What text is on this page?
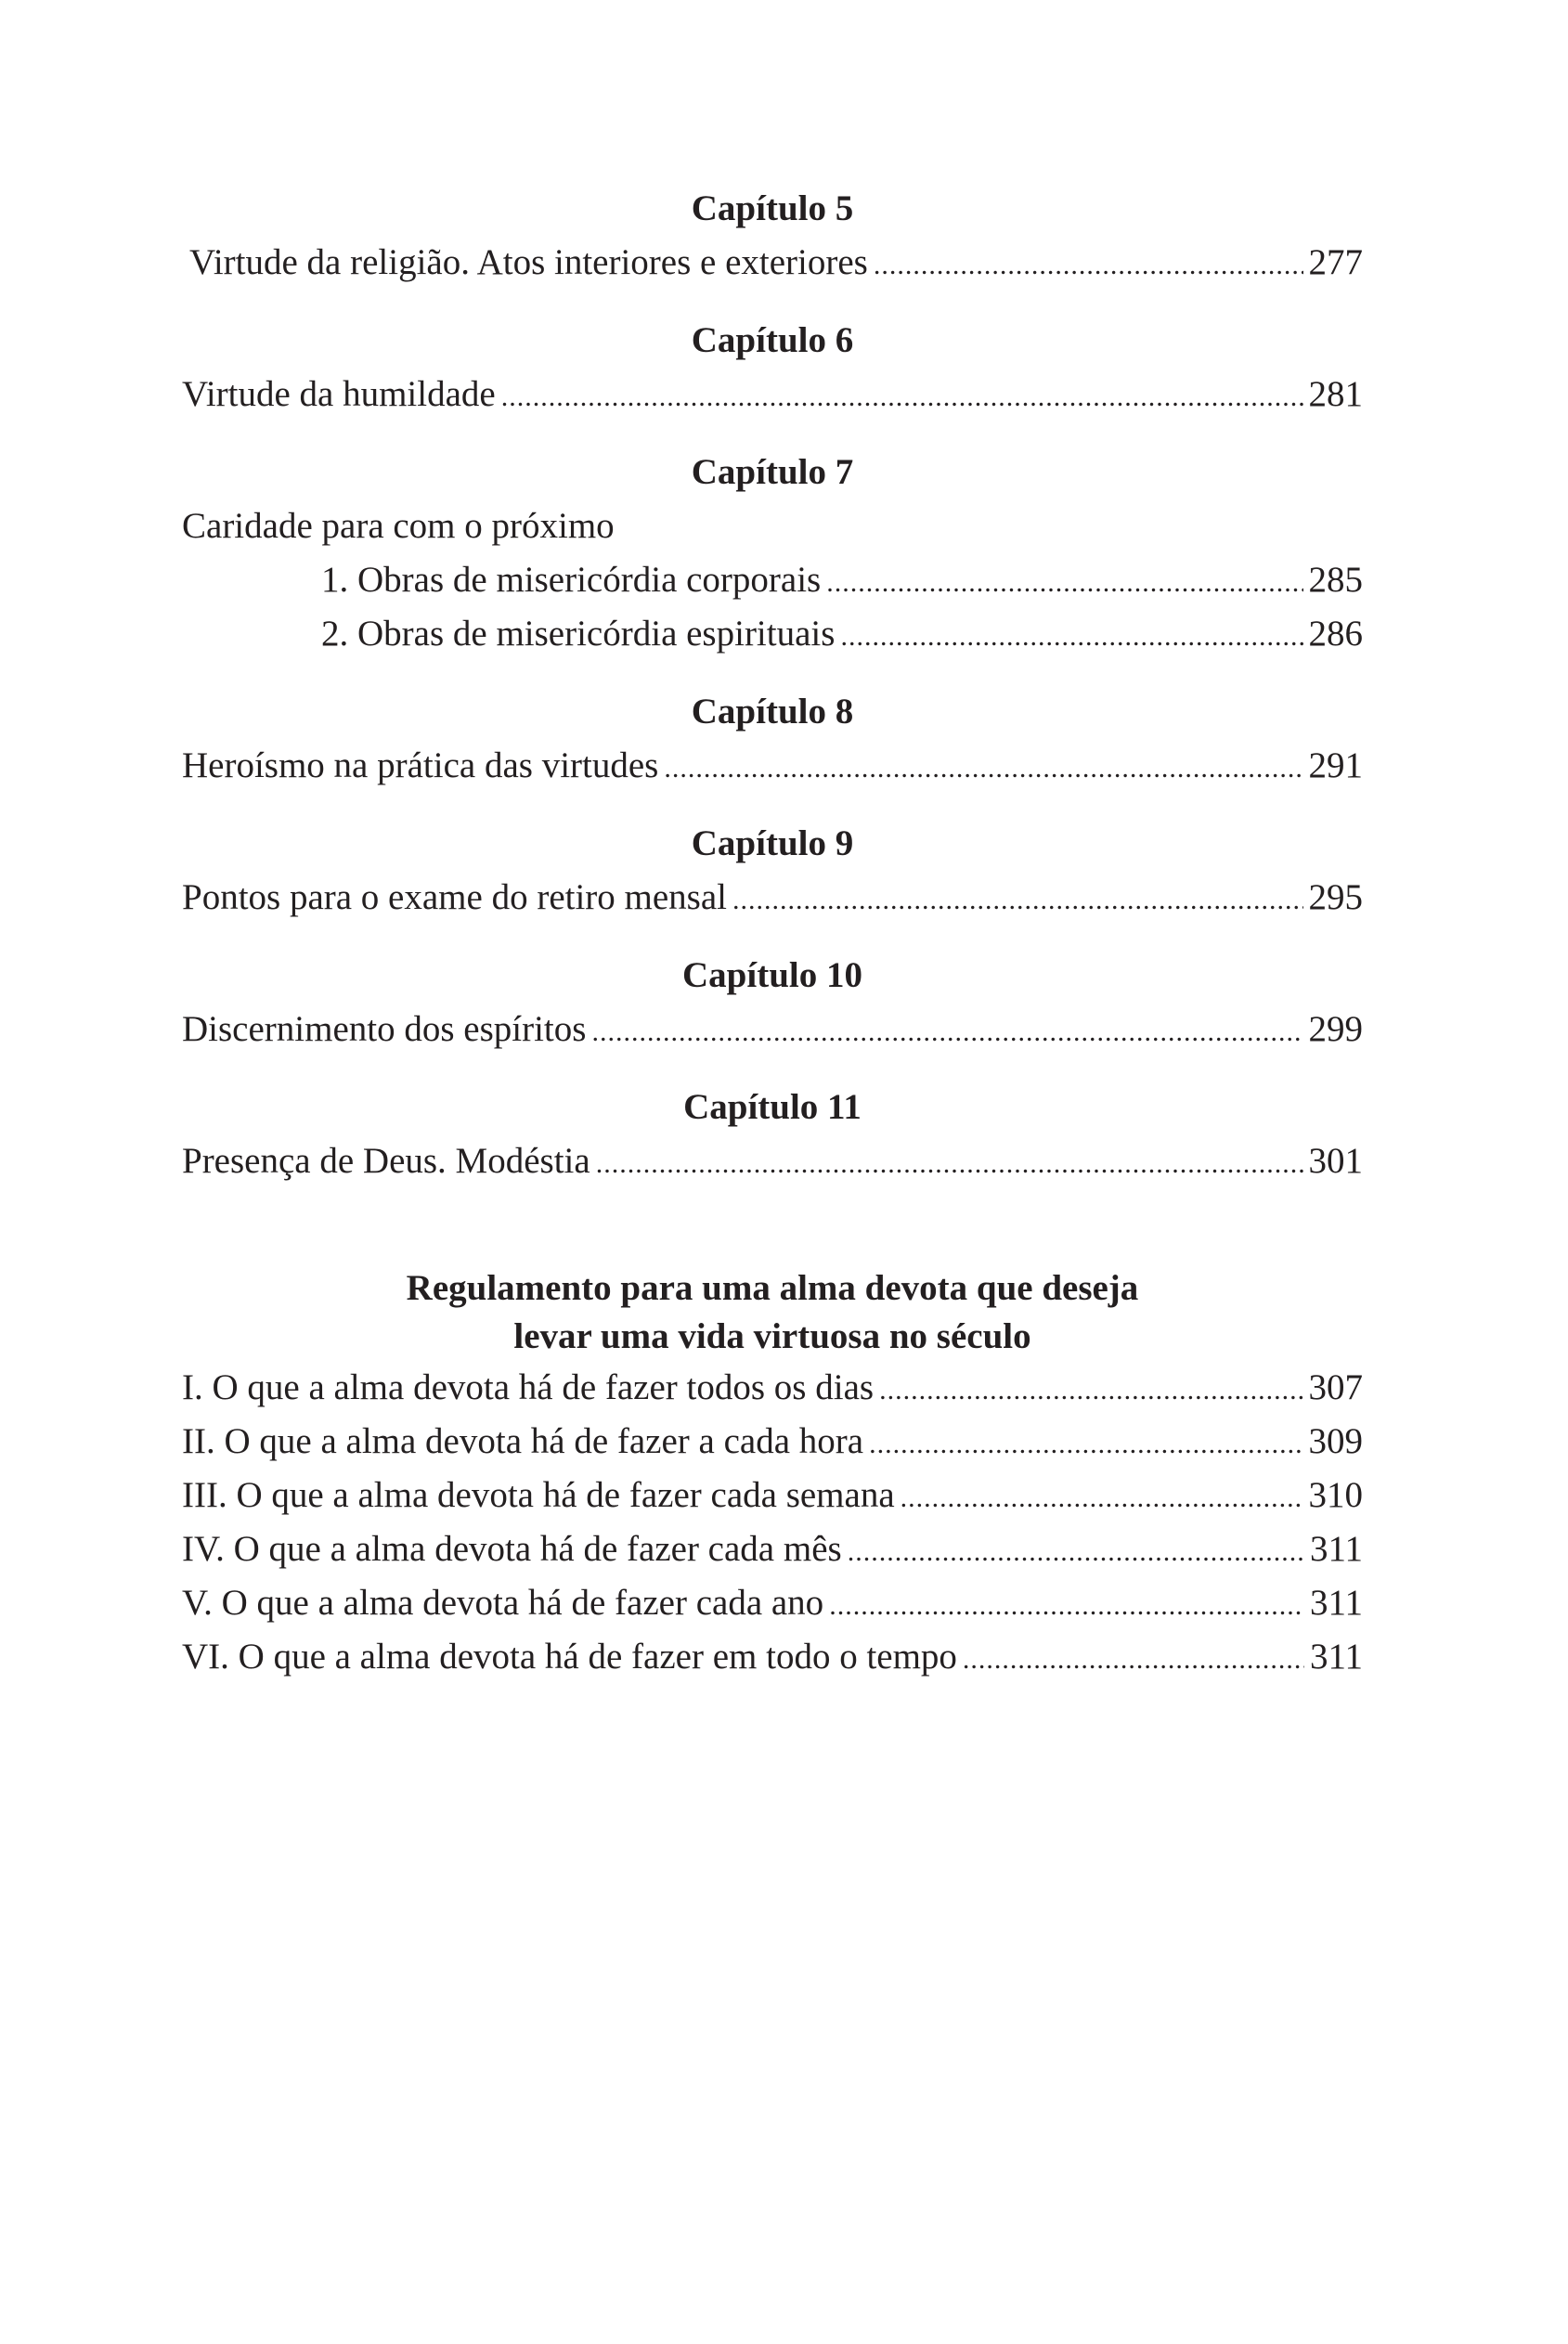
Capítulo 5
Virtude da religião. Atos interiores e exteriores .....	277
Capítulo 6
Virtude da humildade .....	281
Capítulo 7
Caridade para com o próximo
1. Obras de misericórdia corporais .....	285
2. Obras de misericórdia espirituais .....	286
Capítulo 8
Heroísmo na prática das virtudes .....	291
Capítulo 9
Pontos para o exame do retiro mensal .....	295
Capítulo 10
Discernimento dos espíritos .....	299
Capítulo 11
Presença de Deus. Modéstia .....	301
Regulamento para uma alma devota que deseja
levar uma vida virtuosa no século
I. O que a alma devota há de fazer todos os dias .....	307
II. O que a alma devota há de fazer a cada hora .....	309
III. O que a alma devota há de fazer cada semana .....	310
IV. O que a alma devota há de fazer cada mês .....	311
V. O que a alma devota há de fazer cada ano .....	311
VI. O que a alma devota há de fazer em todo o tempo .....	311
